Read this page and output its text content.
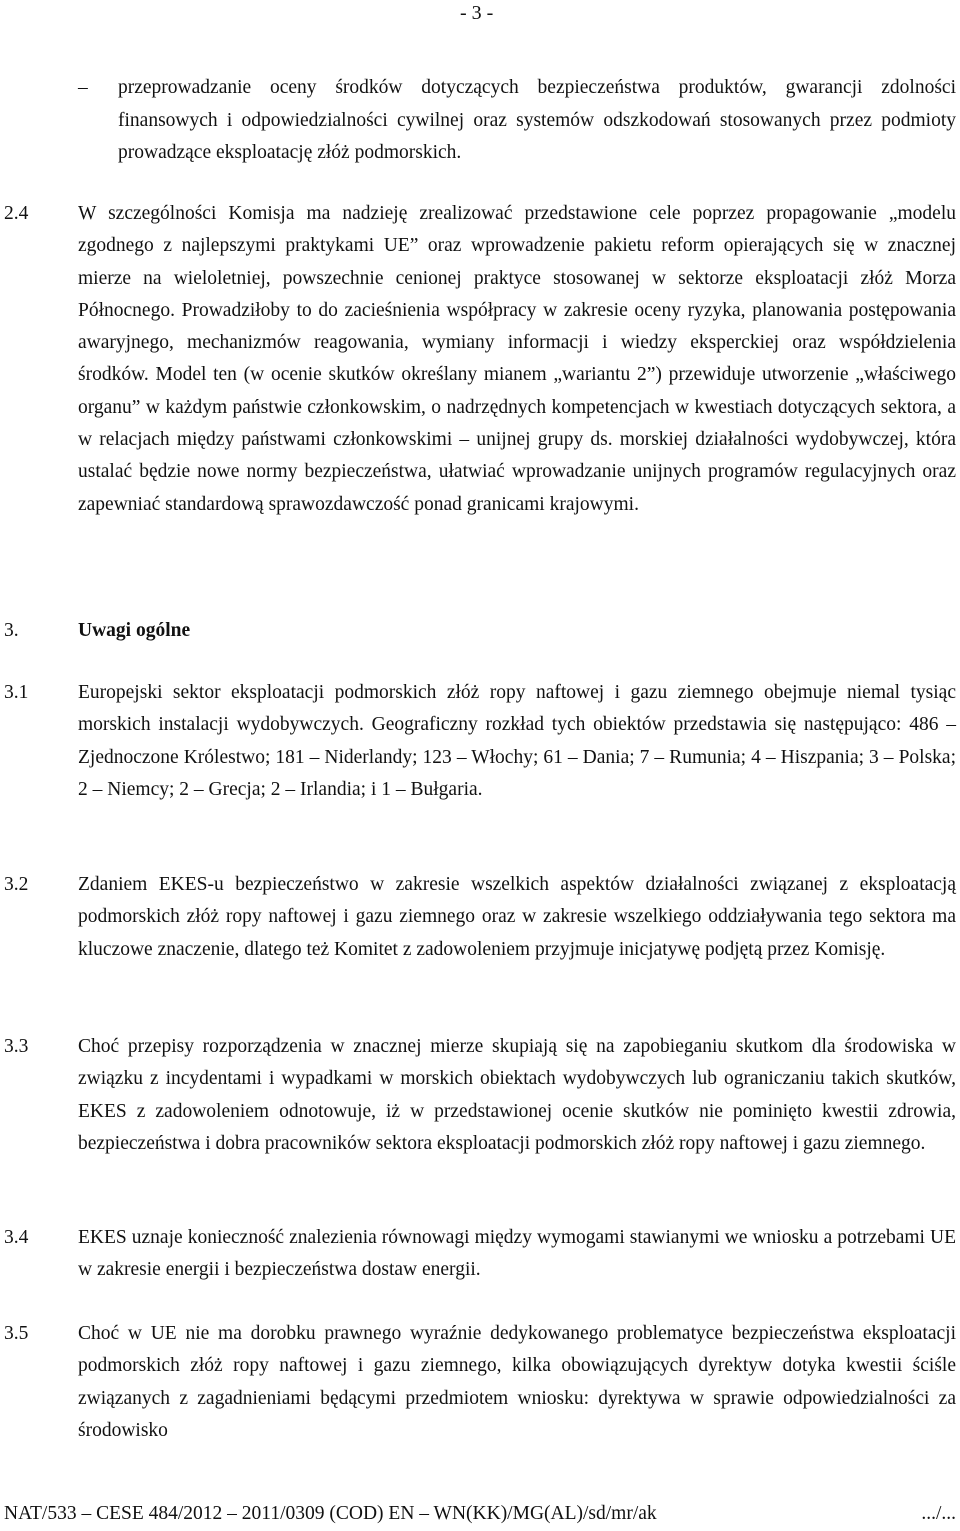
- 3 -
– przeprowadzanie oceny środków dotyczących bezpieczeństwa produktów, gwarancji zdolności finansowych i odpowiedzialności cywilnej oraz systemów odszkodowań stosowanych przez podmioty prowadzące eksploatację złóż podmorskich.
2.4	W szczególności Komisja ma nadzieję zrealizować przedstawione cele poprzez propagowanie „modelu zgodnego z najlepszymi praktykami UE” oraz wprowadzenie pakietu reform opierających się w znacznej mierze na wieloletniej, powszechnie cenionej praktyce stosowanej w sektorze eksploatacji złóż Morza Północnego. Prowadziłoby to do zacieśnienia współpracy w zakresie oceny ryzyka, planowania postępowania awaryjnego, mechanizmów reagowania, wymiany informacji i wiedzy eksperckiej oraz współdzielenia środków. Model ten (w ocenie skutków określany mianem „wariantu 2”) przewiduje utworzenie „właściwego organu” w każdym państwie członkowskim, o nadrzędnych kompetencjach w kwestiach dotyczących sektora, a w relacjach między państwami członkowskimi – unijnej grupy ds. morskiej działalności wydobywczej, która ustalać będzie nowe normy bezpieczeństwa, ułatwiać wprowadzanie unijnych programów regulacyjnych oraz zapewniać standardową sprawozdawczość ponad granicami krajowymi.
3.	Uwagi ogólne
3.1	Europejski sektor eksploatacji podmorskich złóż ropy naftowej i gazu ziemnego obejmuje niemal tysiąc morskich instalacji wydobywczych. Geograficzny rozkład tych obiektów przedstawia się następująco: 486 – Zjednoczone Królestwo; 181 – Niderlandy; 123 – Włochy; 61 – Dania; 7 – Rumunia; 4 – Hiszpania; 3 – Polska; 2 – Niemcy; 2 – Grecja; 2 – Irlandia; i 1 – Bułgaria.
3.2	Zdaniem EKES-u bezpieczeństwo w zakresie wszelkich aspektów działalności związanej z eksploatacją podmorskich złóż ropy naftowej i gazu ziemnego oraz w zakresie wszelkiego oddziaływania tego sektora ma kluczowe znaczenie, dlatego też Komitet z zadowoleniem przyjmuje inicjatywę podjętą przez Komisję.
3.3	Choć przepisy rozporządzenia w znacznej mierze skupiają się na zapobieganiu skutkom dla środowiska w związku z incydentami i wypadkami w morskich obiektach wydobywczych lub ograniczaniu takich skutków, EKES z zadowoleniem odnotowuje, iż w przedstawionej ocenie skutków nie pominięto kwestii zdrowia, bezpieczeństwa i dobra pracowników sektora eksploatacji podmorskich złóż ropy naftowej i gazu ziemnego.
3.4	EKES uznaje konieczność znalezienia równowagi między wymogami stawianymi we wniosku a potrzebami UE w zakresie energii i bezpieczeństwa dostaw energii.
3.5	Choć w UE nie ma dorobku prawnego wyraźnie dedykowanego problematyce bezpieczeństwa eksploatacji podmorskich złóż ropy naftowej i gazu ziemnego, kilka obowiązujących dyrektyw dotyka kwestii ściśle związanych z zagadnieniami będącymi przedmiotem wniosku: dyrektywa w sprawie odpowiedzialności za środowisko
NAT/533 – CESE 484/2012 – 2011/0309 (COD) EN – WN(KK)/MG(AL)/sd/mr/ak	.../...
